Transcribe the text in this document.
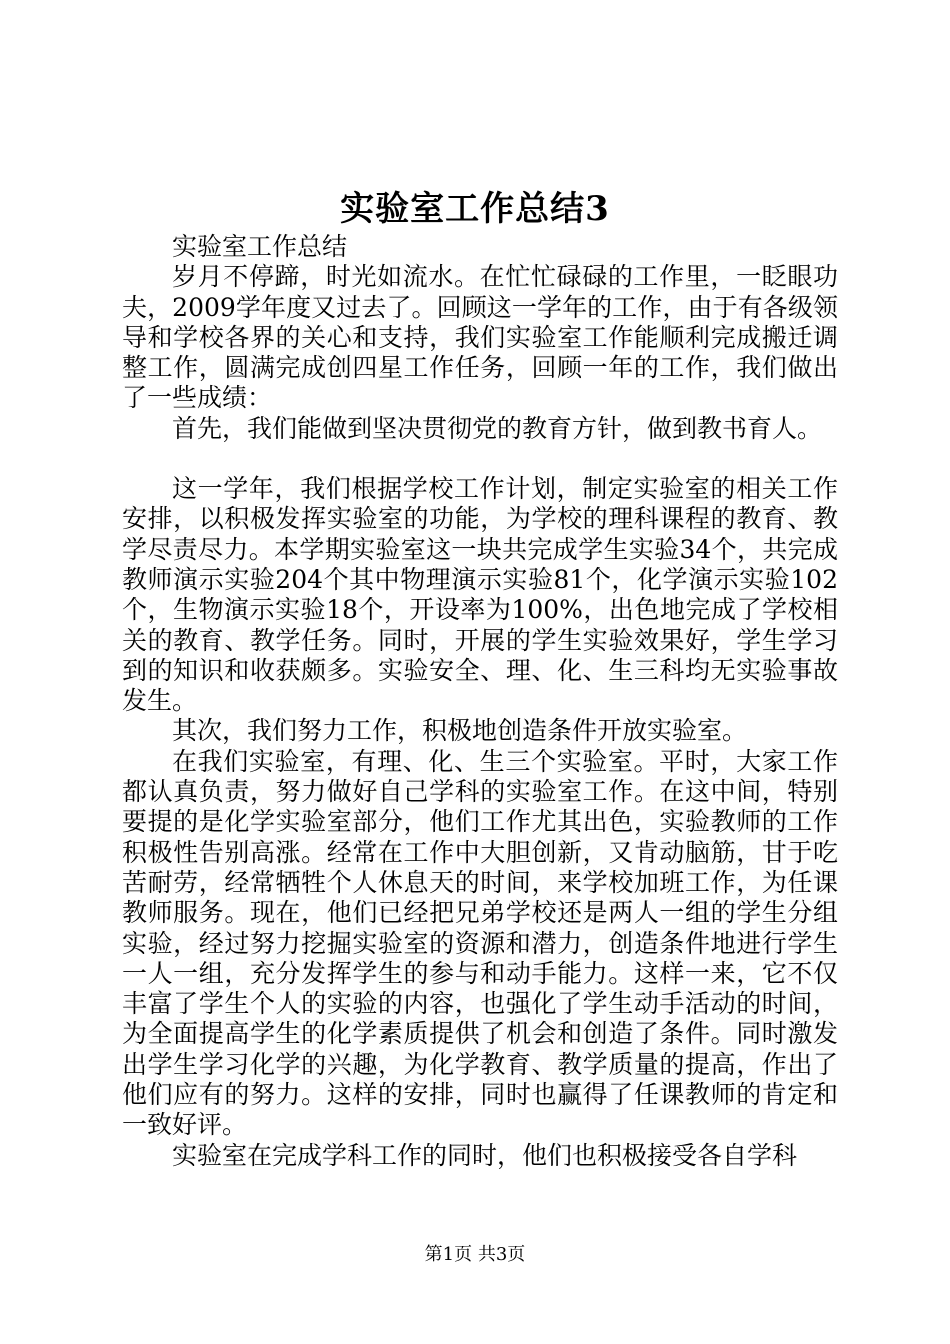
实验室工作总结3

实验室工作总结

岁月不停蹄，时光如流水。在忙忙碌碌的工作里，一眨眼功夫，2009学年度又过去了。回顾这一学年的工作，由于有各级领导和学校各界的关心和支持，我们实验室工作能顺利完成搬迁调整工作，圆满完成创四星工作任务，回顾一年的工作，我们做出了一些成绩：

首先，我们能做到坚决贯彻党的教育方针，做到教书育人。

这一学年，我们根据学校工作计划，制定实验室的相关工作安排，以积极发挥实验室的功能，为学校的理科课程的教育、教学尽责尽力。本学期实验室这一块共完成学生实验34个，共完成教师演示实验204个其中物理演示实验81个，化学演示实验102个，生物演示实验18个，开设率为100%，出色地完成了学校相关的教育、教学任务。同时，开展的学生实验效果好，学生学习到的知识和收获颇多。实验安全、理、化、生三科均无实验事故发生。

其次，我们努力工作，积极地创造条件开放实验室。

在我们实验室，有理、化、生三个实验室。平时，大家工作都认真负责，努力做好自己学科的实验室工作。在这中间，特别要提的是化学实验室部分，他们工作尤其出色，实验教师的工作积极性告别高涨。经常在工作中大胆创新，又肯动脑筋，甘于吃苦耐劳，经常牺牲个人休息天的时间，来学校加班工作，为任课教师服务。现在，他们已经把兄弟学校还是两人一组的学生分组实验，经过努力挖掘实验室的资源和潜力，创造条件地进行学生一人一组，充分发挥学生的参与和动手能力。这样一来，它不仅丰富了学生个人的实验的内容，也强化了学生动手活动的时间，为全面提高学生的化学素质提供了机会和创造了条件。同时激发出学生学习化学的兴趣，为化学教育、教学质量的提高，作出了他们应有的努力。这样的安排，同时也赢得了任课教师的肯定和一致好评。

实验室在完成学科工作的同时，他们也积极接受各自学科

第1页 共3页
